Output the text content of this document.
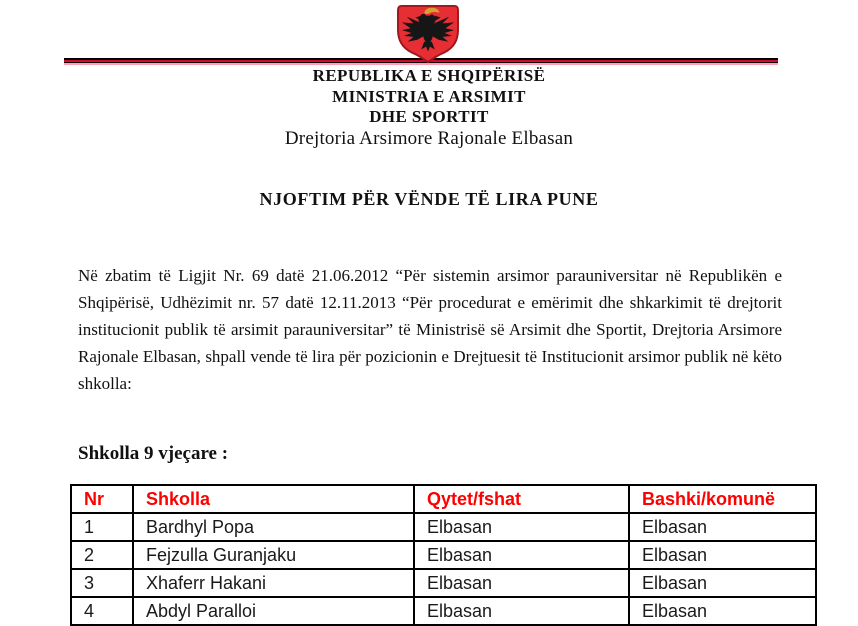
REPUBLIKA E SHQIPËRISË
MINISTRIA E ARSIMIT
DHE SPORTIT
Drejtoria Arsimore Rajonale Elbasan
NJOFTIM PËR VËNDE TË LIRA PUNE

Në zbatim të Ligjit Nr. 69 datë 21.06.2012 “Për sistemin arsimor parauniversitar në Republikën e Shqipërisë, Udhëzimit nr. 57 datë 12.11.2013 “Për procedurat e emërimit dhe shkarkimit të drejtorit institucionit publik të arsimit parauniversitar” të Ministrisë së Arsimit dhe Sportit, Drejtoria Arsimore Rajonale Elbasan, shpall vende të lira për pozicionin e Drejtuesit të Institucionit arsimor publik në këto shkolla:

Shkolla 9 vjeçare :
Nr	Shkolla	Qytet/fshat	Bashki/komunë
1	Bardhyl Popa	Elbasan	Elbasan
2	Fejzulla Guranjaku	Elbasan	Elbasan
3	Xhaferr Hakani	Elbasan	Elbasan
4	Abdyl Paralloi	Elbasan	Elbasan
